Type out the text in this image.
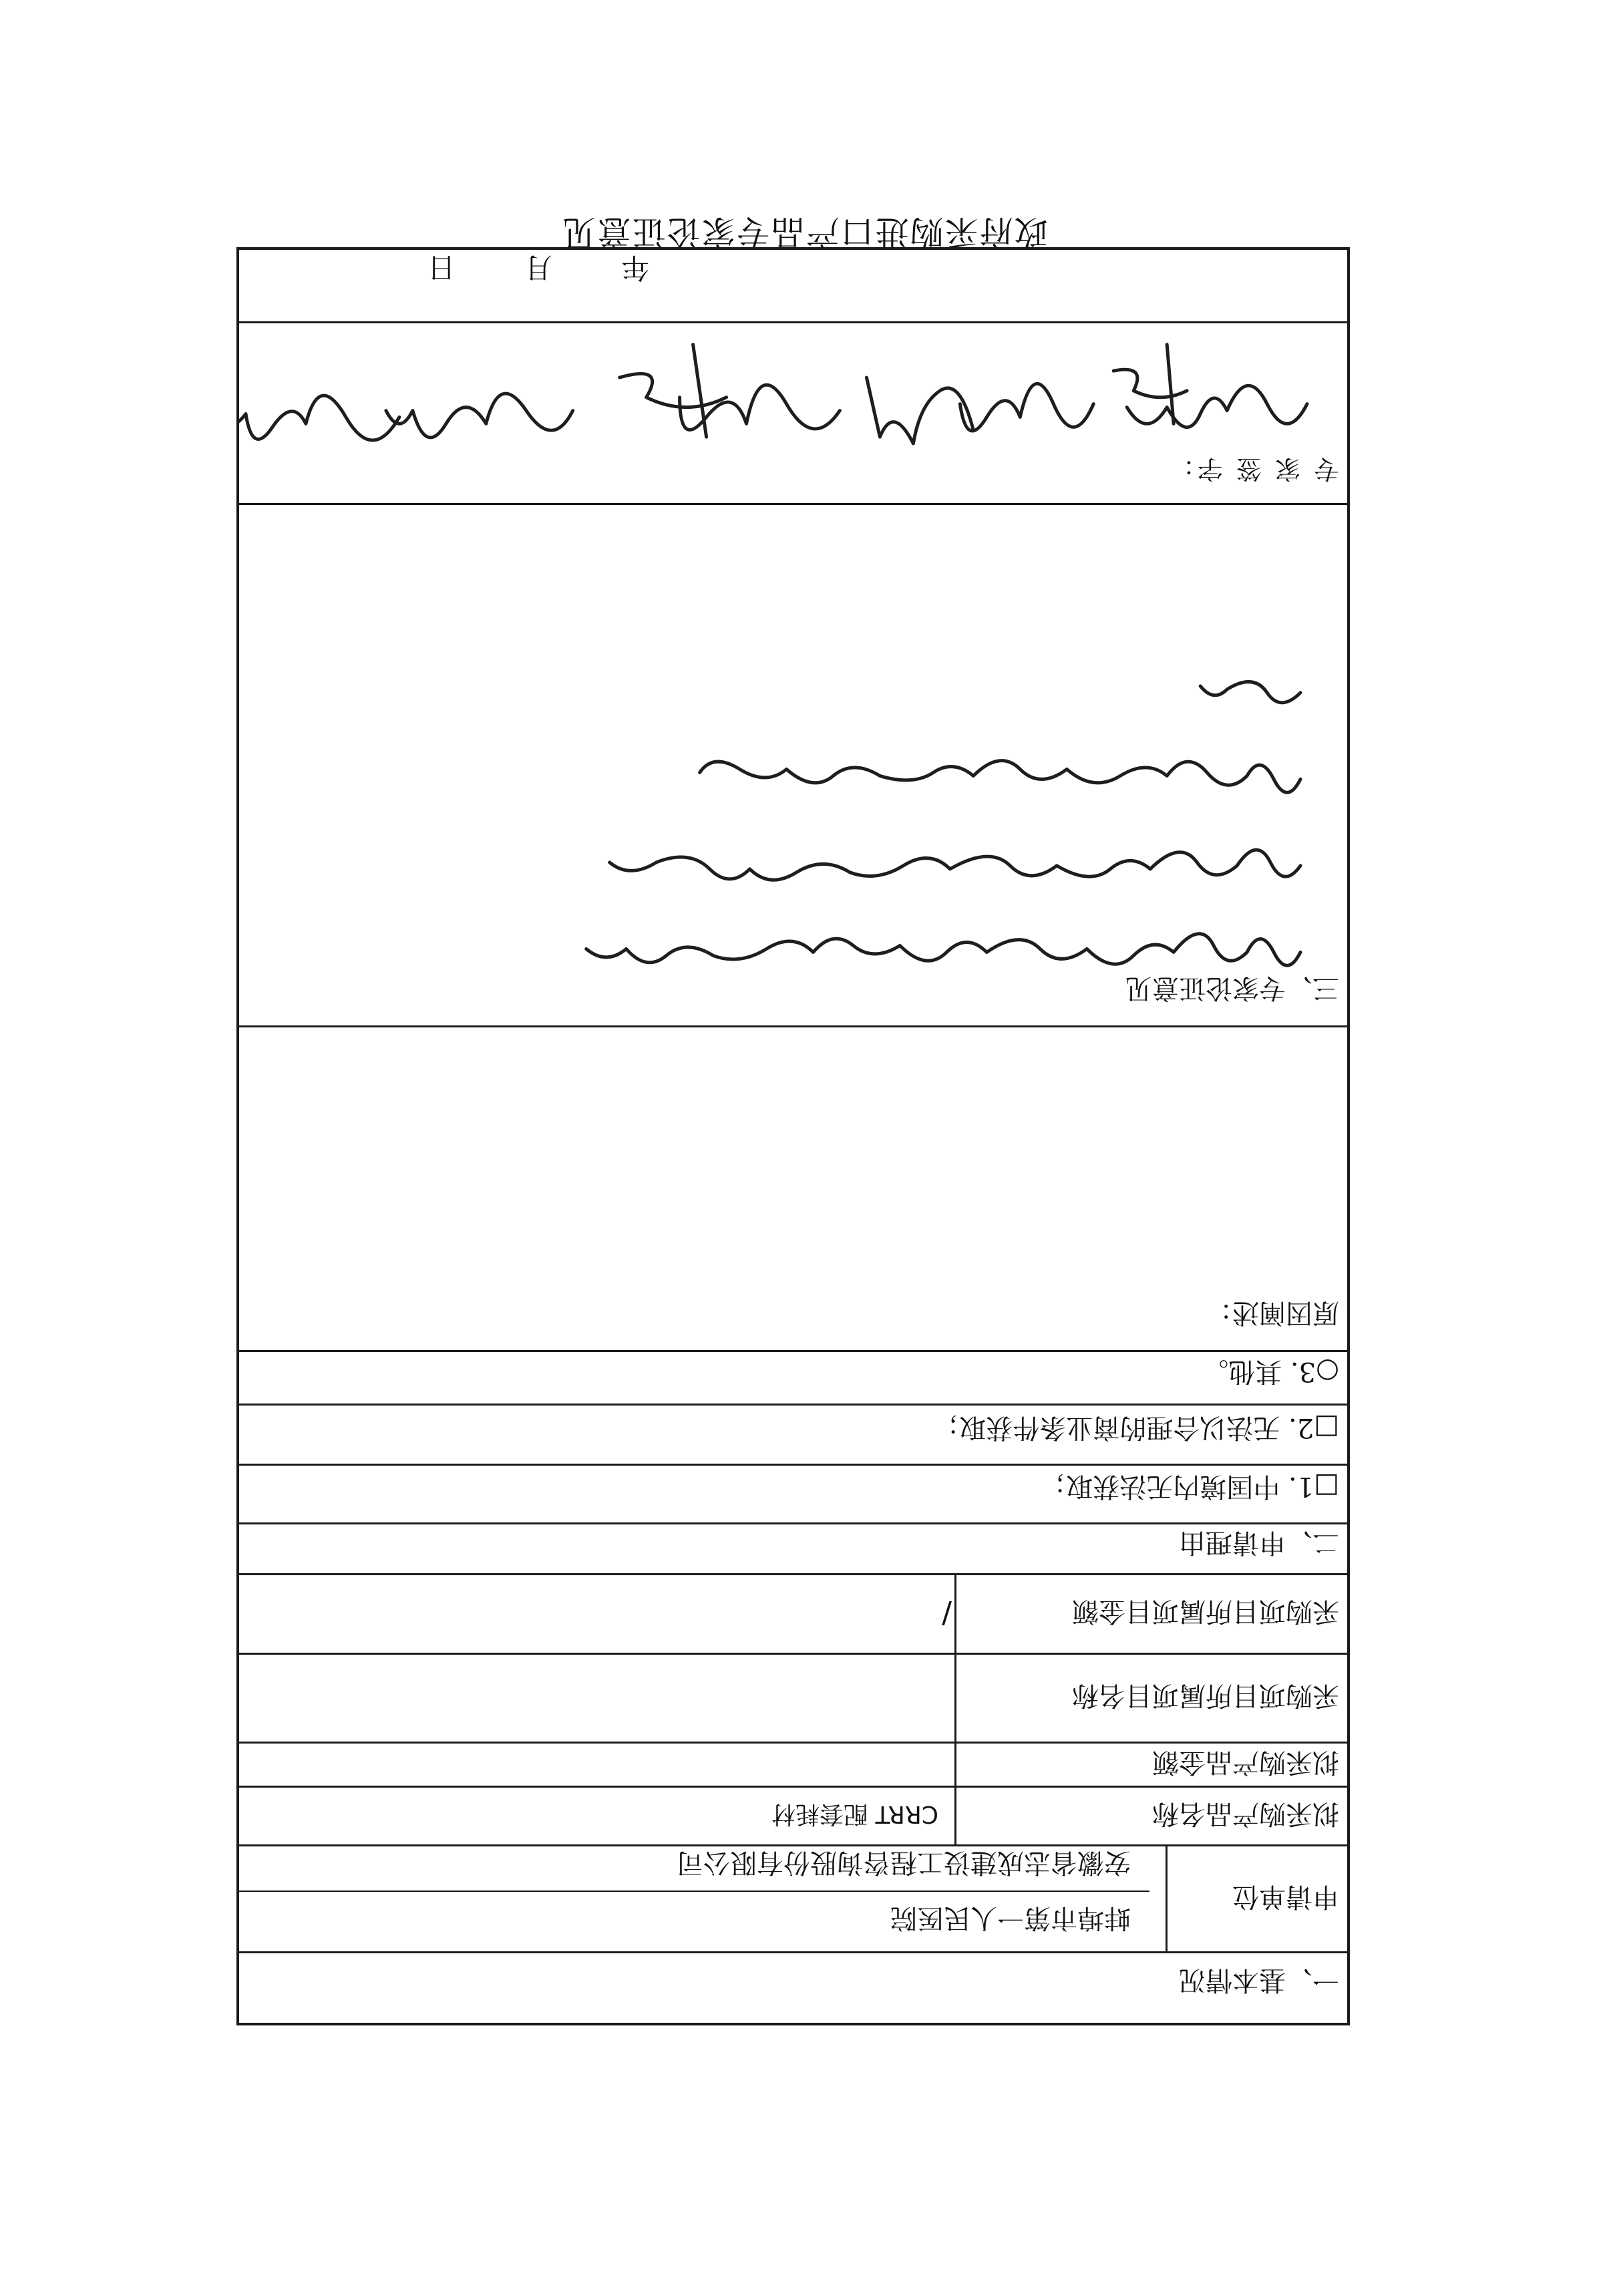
政府采购进口产品专家论证意见
一、基本情况
申请单位
蚌埠市第一人民医院
安徽省志成建设工程咨询股份有限公司
拟采购产品名称
CRRT 配套耗材
拟采购产品金额
采购项目所属项目名称
采购项目所属项目金额
/
二、申请理由
□1. 中国境内无法获取；
□2. 无法以合理的商业条件获取；
○3. 其他。
原因阐述：
三、专家论证意见
专 家 签 字：
年
月
日
